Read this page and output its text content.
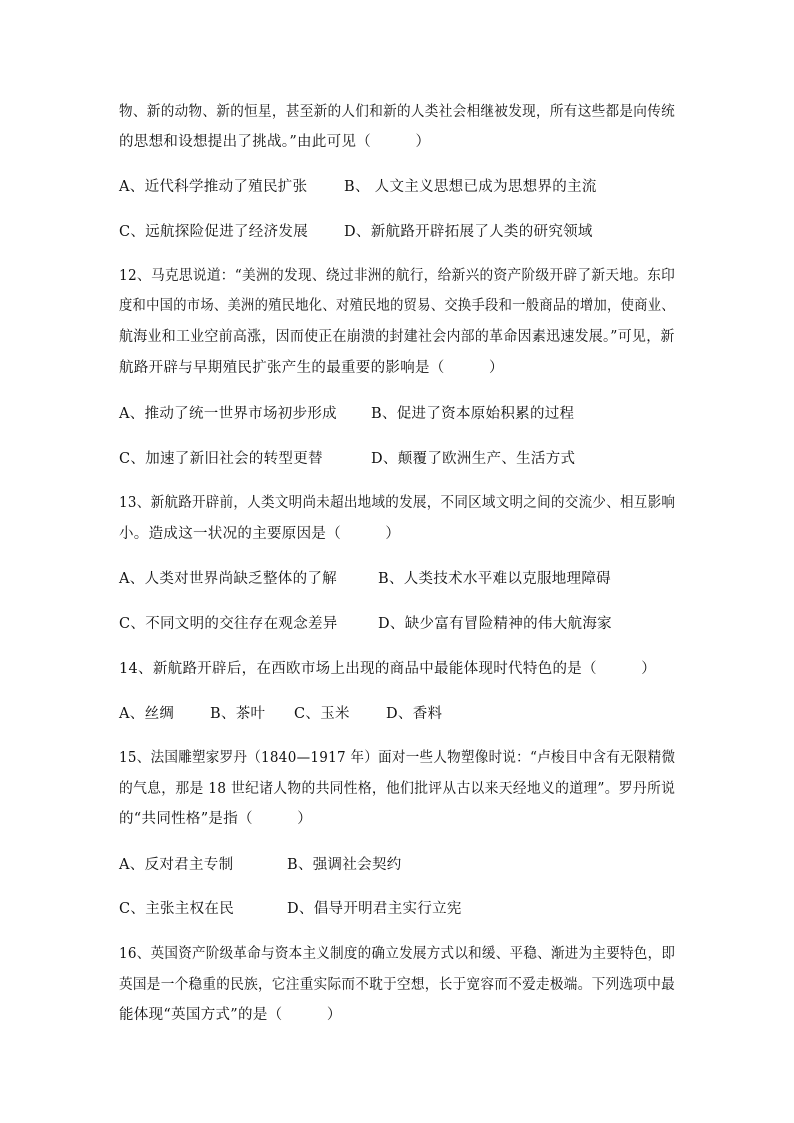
物、新的动物、新的恒星，甚至新的人们和新的人类社会相继被发现，所有这些都是向传统
的思想和设想提出了挑战。”由此可见（　　　）
A、近代科学推动了殖民扩张	B、 人文主义思想已成为思想界的主流
C、远航探险促进了经济发展 D、新航路开辟拓展了人类的研究领域
12、马克思说道：“美洲的发现、绕过非洲的航行，给新兴的资产阶级开辟了新天地。东印
度和中国的市场、美洲的殖民地化、对殖民地的贸易、交换手段和一般商品的增加，使商业、
航海业和工业空前高涨，因而使正在崩溃的封建社会内部的革命因素迅速发展。”可见，新
航路开辟与早期殖民扩张产生的最重要的影响是（　　　）
A、推动了统一世界市场初步形成 B、促进了资本原始积累的过程
C、加速了新旧社会的转型更替	D、颠覆了欧洲生产、生活方式
13、新航路开辟前，人类文明尚未超出地域的发展，不同区域文明之间的交流少、相互影响
小。造成这一状况的主要原因是（　　　）
A、人类对世界尚缺乏整体的了解	B、人类技术水平难以克服地理障碍
C、不同文明的交往存在观念差异	D、缺少富有冒险精神的伟大航海家
14、新航路开辟后，在西欧市场上出现的商品中最能体现时代特色的是（　　　）
A、丝绸 B、茶叶 C、玉米 D、香料
15、法国雕塑家罗丹（1840—1917 年）面对一些人物塑像时说：“卢梭目中含有无限精微
的气息，那是 18 世纪诸人物的共同性格，他们批评从古以来天经地义的道理”。罗丹所说
的“共同性格”是指（　　　）
A、反对君主专制	B、强调社会契约
C、主张主权在民	D、倡导开明君主实行立宪
16、英国资产阶级革命与资本主义制度的确立发展方式以和缓、平稳、渐进为主要特色，即
英国是一个稳重的民族，它注重实际而不耽于空想，长于宽容而不爱走极端。下列选项中最
能体现“英国方式”的是（　　　）
